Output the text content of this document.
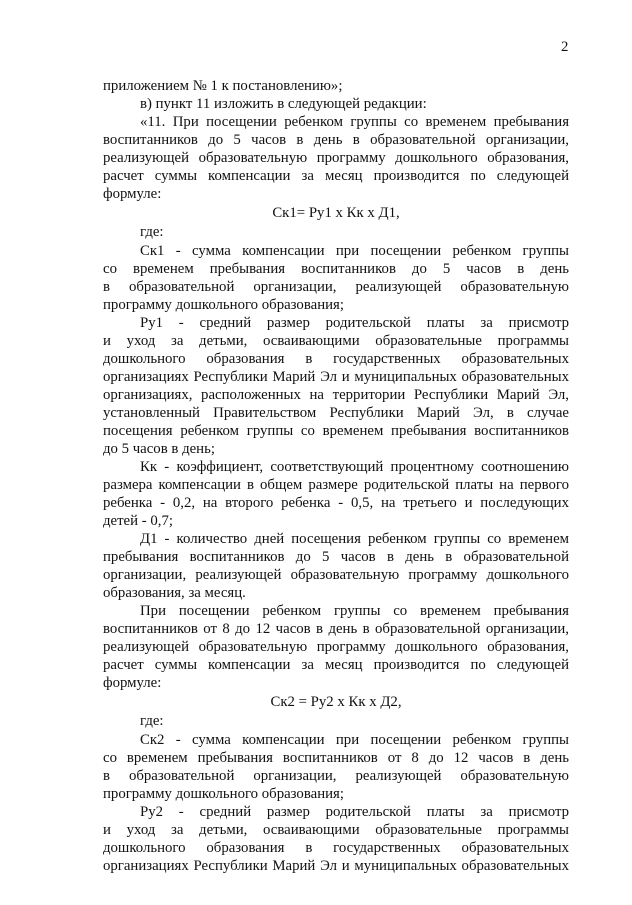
2
приложением № 1 к постановлению»;
в) пункт 11 изложить в следующей редакции:
«11. При посещении ребенком группы со временем пребывания
воспитанников до 5 часов в день в образовательной организации,
реализующей образовательную программу дошкольного образования,
расчет суммы компенсации за месяц производится по следующей
формуле:
Ск1= Ру1 х Кк х Д1,
где:
Ск1 - сумма компенсации при посещении ребенком группы
со временем пребывания воспитанников до 5 часов в день
в образовательной организации, реализующей образовательную
программу дошкольного образования;
Ру1 - средний размер родительской платы за присмотр
и уход за детьми, осваивающими образовательные программы
дошкольного образования в государственных образовательных
организациях Республики Марий Эл и муниципальных образовательных
организациях, расположенных на территории Республики Марий Эл,
установленный Правительством Республики Марий Эл, в случае
посещения ребенком группы со временем пребывания воспитанников
до 5 часов в день;
Кк - коэффициент, соответствующий процентному соотношению
размера компенсации в общем размере родительской платы на первого
ребенка - 0,2, на второго ребенка - 0,5, на третьего и последующих
детей - 0,7;
Д1 - количество дней посещения ребенком группы со временем
пребывания воспитанников до 5 часов в день в образовательной
организации, реализующей образовательную программу дошкольного
образования, за месяц.
При посещении ребенком группы со временем пребывания
воспитанников от 8 до 12 часов в день в образовательной организации,
реализующей образовательную программу дошкольного образования,
расчет суммы компенсации за месяц производится по следующей
формуле:
Ск2 = Ру2 х Кк х Д2,
где:
Ск2 - сумма компенсации при посещении ребенком группы
со временем пребывания воспитанников от 8 до 12 часов в день
в образовательной организации, реализующей образовательную
программу дошкольного образования;
Ру2 - средний размер родительской платы за присмотр
и уход за детьми, осваивающими образовательные программы
дошкольного образования в государственных образовательных
организациях Республики Марий Эл и муниципальных образовательных
